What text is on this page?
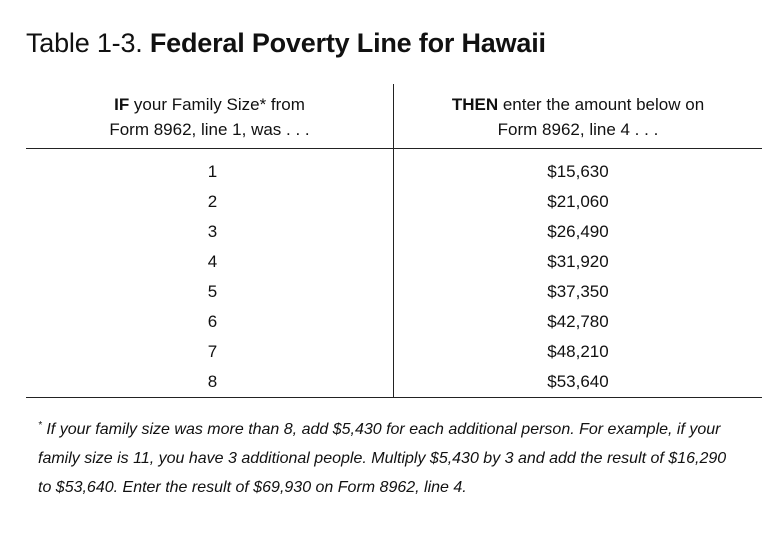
Table 1-3. Federal Poverty Line for Hawaii
IF your Family Size* from
Form 8962, line 1, was . . .
THEN enter the amount below on
Form 8962, line 4 . . .
1
2
3
4
5
6
7
8
$15,630
$21,060
$26,490
$31,920
$37,350
$42,780
$48,210
$53,640
* If your family size was more than 8, add $5,430 for each additional person. For example, if your family size is 11, you have 3 additional people. Multiply $5,430 by 3 and add the result of $16,290 to $53,640. Enter the result of $69,930 on Form 8962, line 4.
